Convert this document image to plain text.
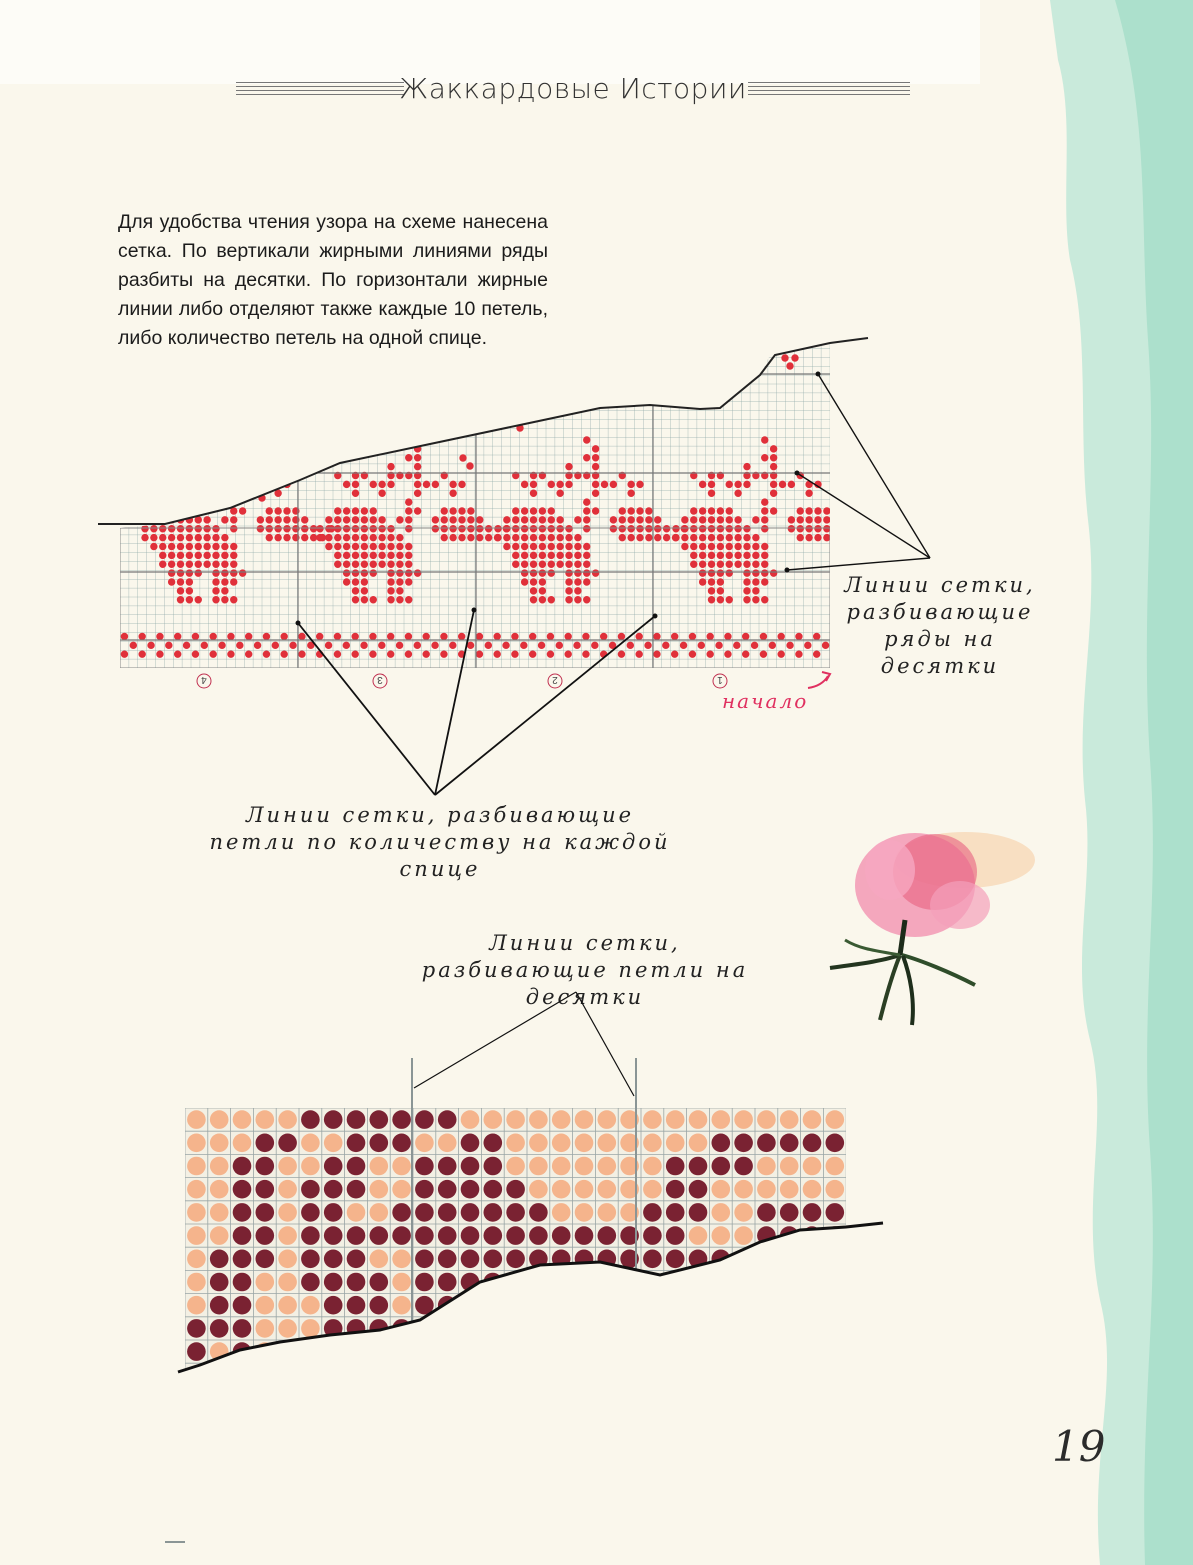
Жаккардовые Истории
Для удобства чтения узора на схеме нанесена сетка. По вертикали жирными линиями ряды разбиты на десятки. По горизонтали жирные линии либо отделяют также каждые 10 петель, либо количество петель на одной спице.
4	3	2	1
начало
Линии сетки, разбивающие ряды на десятки
Линии сетки, разбивающие петли по количеству на каждой спице
Линии сетки, разбивающие петли на десятки
19
